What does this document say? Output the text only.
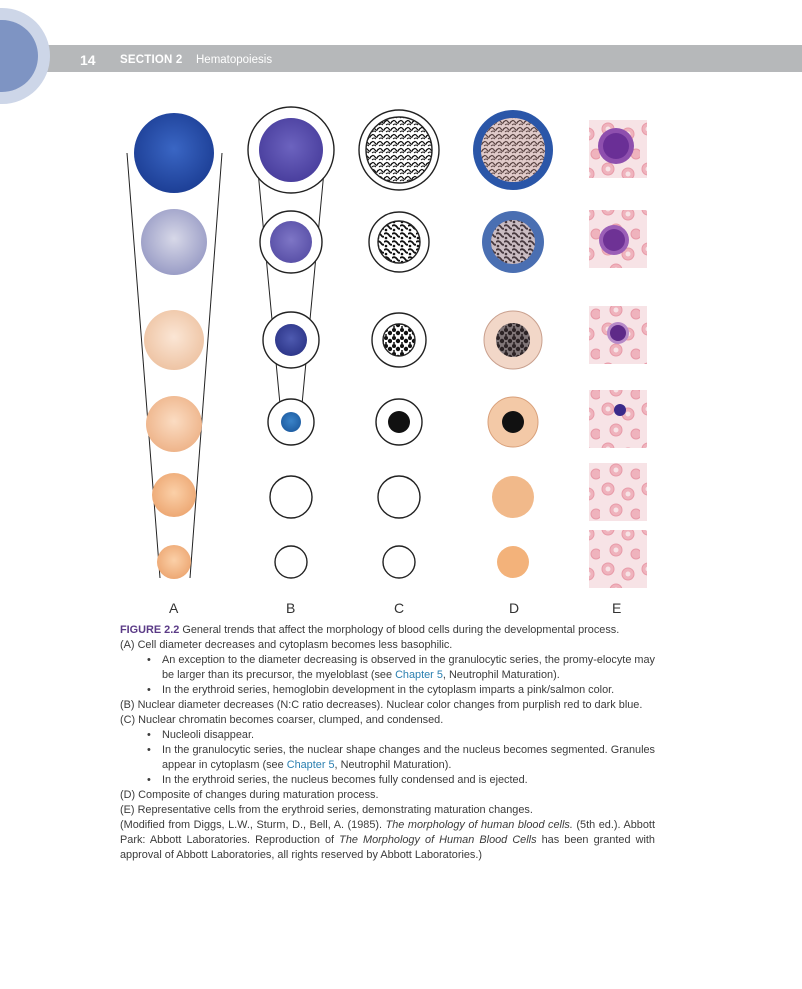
14 SECTION 2 Hematopoiesis
A	B	C	D	E

FIGURE 2.2 General trends that affect the morphology of blood cells during the developmental process.

(A) Cell diameter decreases and cytoplasm becomes less basophilic.

• An exception to the diameter decreasing is observed in the granulocytic series, the promy-elocyte may be larger than its precursor, the myeloblast (see Chapter 5, Neutrophil Maturation).

• In the erythroid series, hemoglobin development in the cytoplasm imparts a pink/salmon color.

(B) Nuclear diameter decreases (N:C ratio decreases). Nuclear color changes from purplish red to dark blue.

(C) Nuclear chromatin becomes coarser, clumped, and condensed.

• Nucleoli disappear.

• In the granulocytic series, the nuclear shape changes and the nucleus becomes segmented. Granules appear in cytoplasm (see Chapter 5, Neutrophil Maturation).

• In the erythroid series, the nucleus becomes fully condensed and is ejected.

(D) Composite of changes during maturation process.

(E) Representative cells from the erythroid series, demonstrating maturation changes.

(Modified from Diggs, L.W., Sturm, D., Bell, A. (1985). The morphology of human blood cells. (5th ed.). Abbott Park: Abbott Laboratories. Reproduction of The Morphology of Human Blood Cells has been granted with approval of Abbott Laboratories, all rights reserved by Abbott Laboratories.)
